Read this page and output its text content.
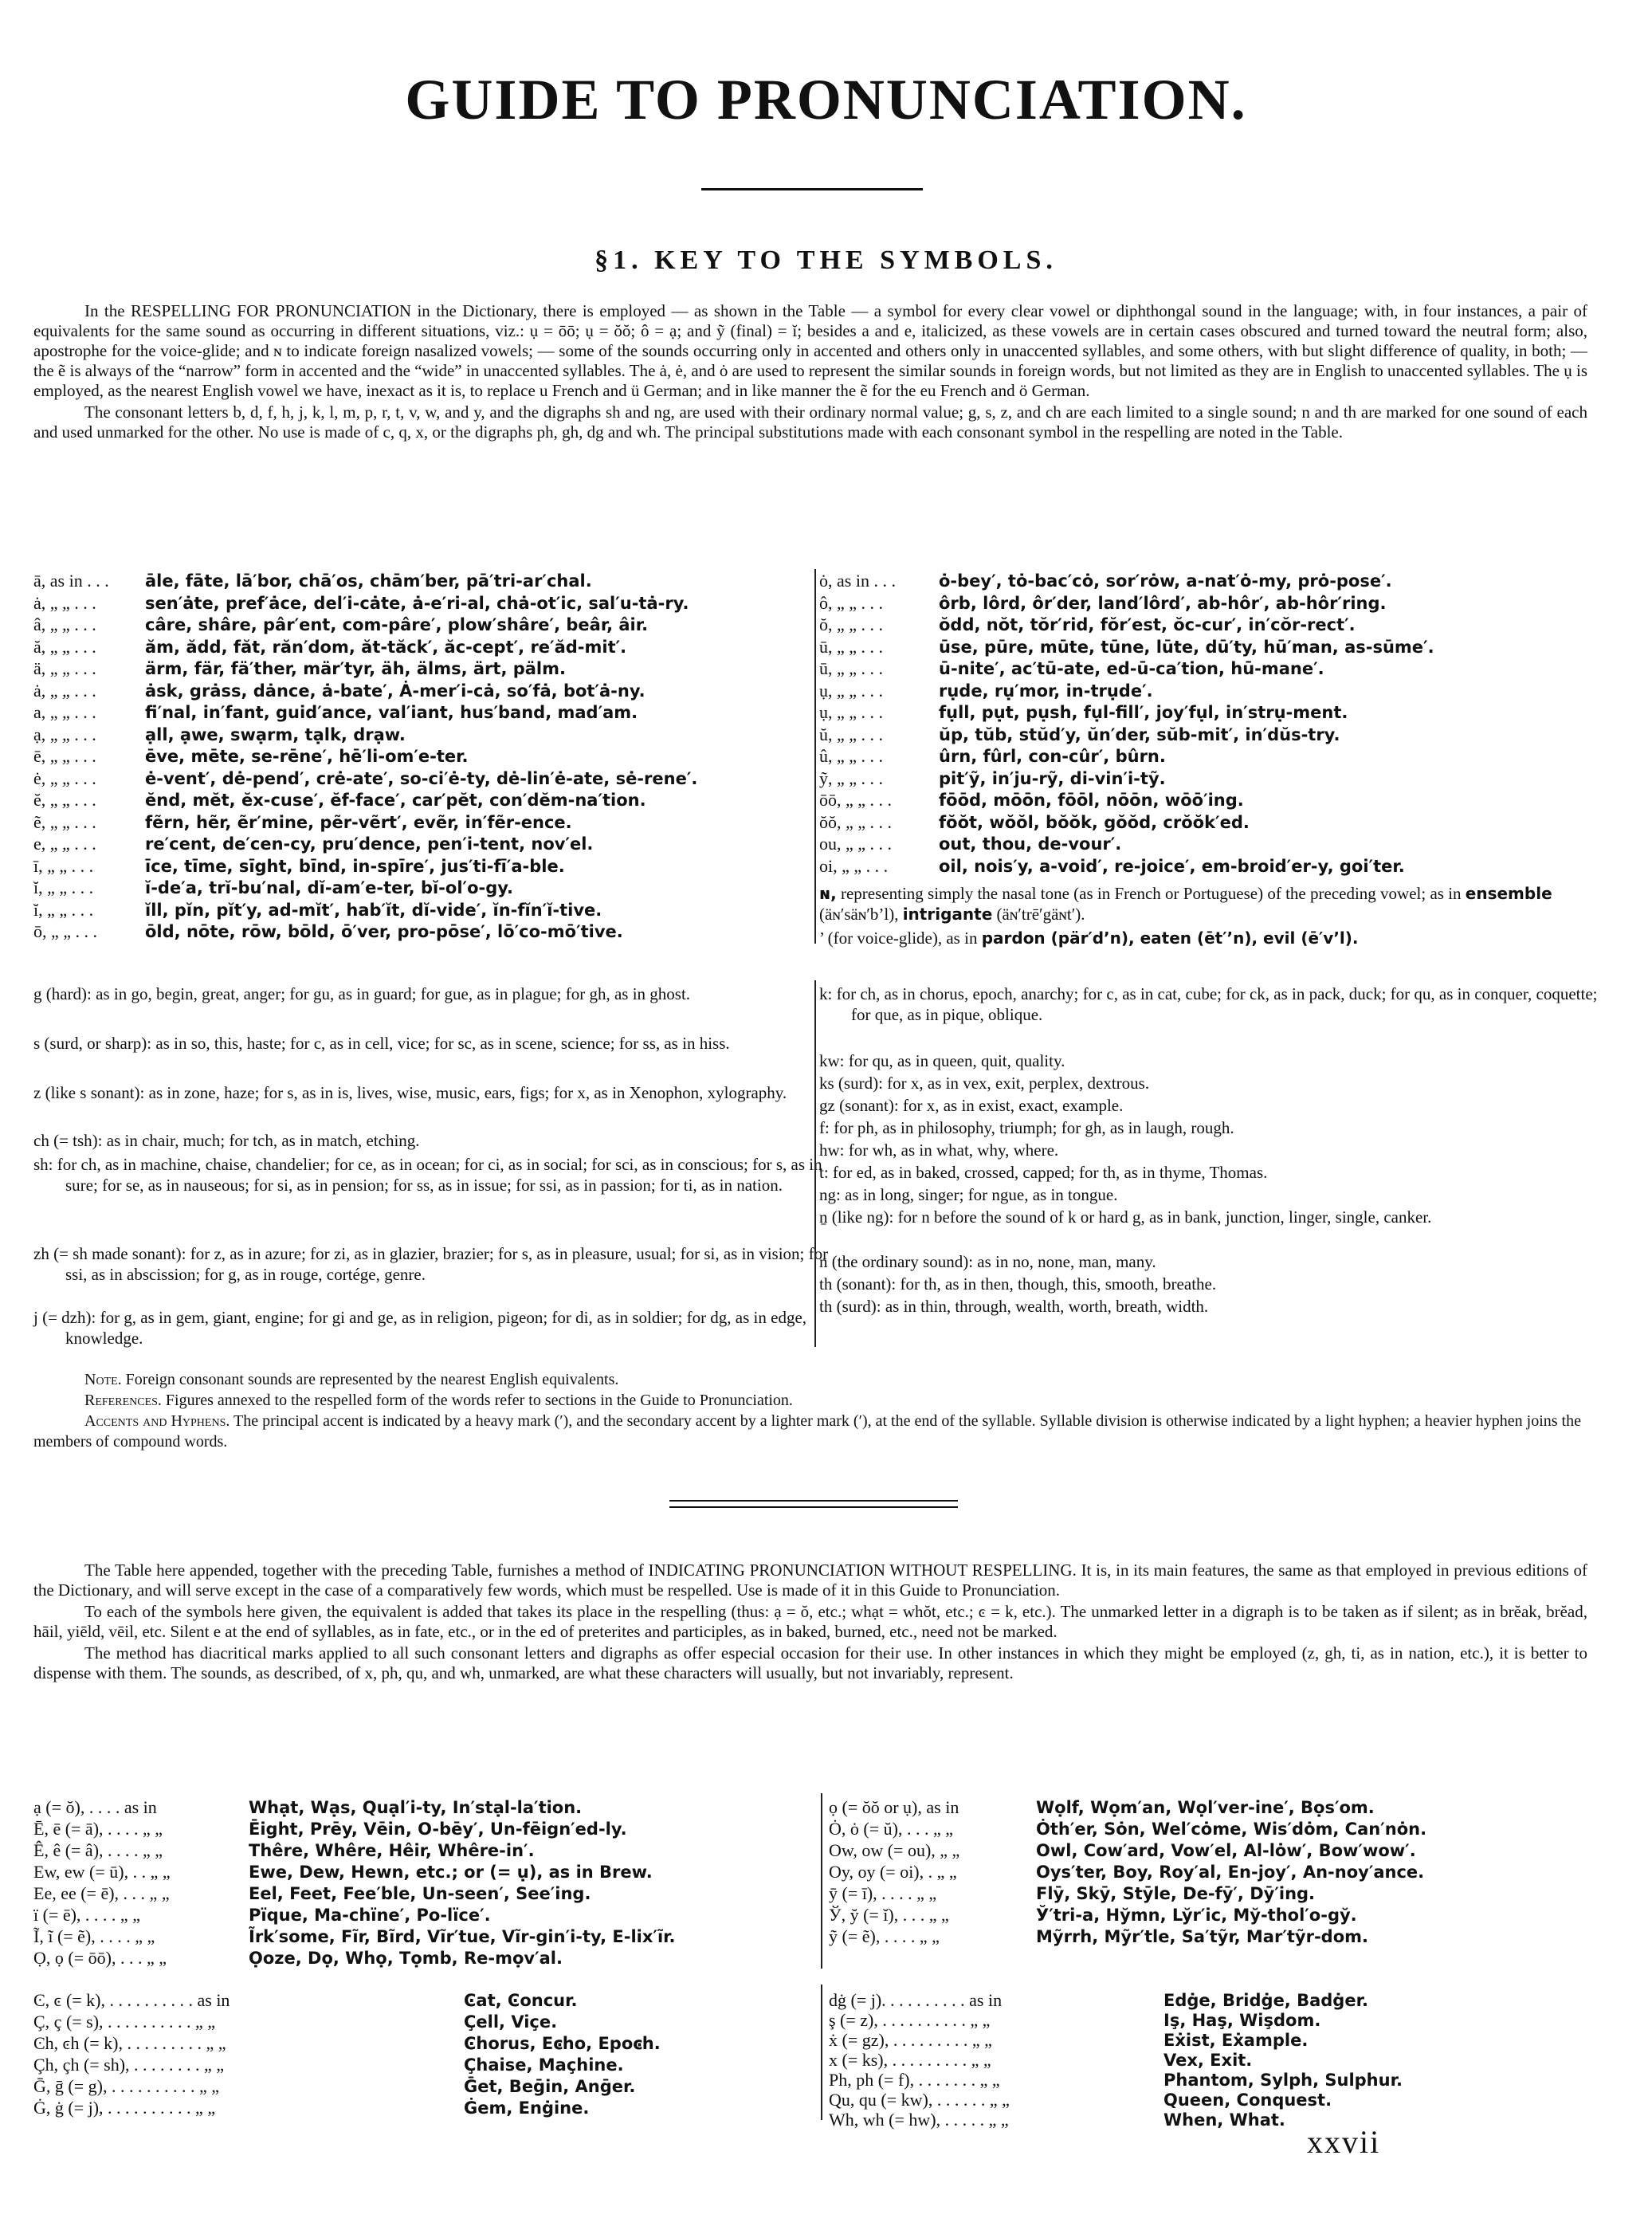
GUIDE TO PRONUNCIATION.
§1. KEY TO THE SYMBOLS.

In the RESPELLING FOR PRONUNCIATION in the Dictionary, there is employed — as shown in the Table — a symbol for every clear vowel or diphthongal sound in the language; with, in four instances, a pair of equivalents for the same sound as occurring in different situations, viz.: ụ = ōō; ụ = ŏŏ; ô = ạ; and ỹ (final) = ĭ; besides a and e, italicized, as these vowels are in certain cases obscured and turned toward the neutral form; also, apostrophe for the voice-glide; and ɴ to indicate foreign nasalized vowels; — some of the sounds occurring only in accented and others only in unaccented syllables, and some others, with but slight difference of quality, in both; — the ẽ is always of the “narrow” form in accented and the “wide” in unaccented syllables. The ȧ, ė, and ȯ are used to represent the similar sounds in foreign words, but not limited as they are in English to unaccented syllables. The ụ is employed, as the nearest English vowel we have, inexact as it is, to replace u French and ü German; and in like manner the ẽ for the eu French and ö German.

The consonant letters b, d, f, h, j, k, l, m, p, r, t, v, w, and y, and the digraphs sh and ng, are used with their ordinary normal value; g, s, z, and ch are each limited to a single sound; n and th are marked for one sound of each and used unmarked for the other. No use is made of c, q, x, or the digraphs ph, gh, dg and wh. The principal substitutions made with each consonant symbol in the respelling are noted in the Table.

ā, as in . . . āle, fāte, lā′bor, chā′os, chām′ber, pā′tri-ar′chal.
ȧ, „ „ . . .	sen′ȧte, pref′ȧce, del′i-cȧte, ȧ-e′ri-al, chȧ-ot′ic, sal′u-tȧ-ry.
â, „ „ . . .	câre, shâre, pâr′ent, com-pâre′, plow′shâre′, beâr, âir.
ă, „ „ . . .	ăm, ădd, făt, răn′dom, ăt-tăck′, ăc-cept′, re′ăd-mit′.
ä, „ „ . . .	ärm, fär, fä′ther, mär′tyr, äh, älms, ärt, pälm.
ȧ, „ „ . . .	ȧsk, grȧss, dȧnce, ȧ-bate′, Ȧ-mer′i-cȧ, so′fȧ, bot′ȧ-ny.
a, „ „ . . .	fi′nal, in′fant, guid′ance, val′iant, hus′band, mad′am.
ạ, „ „ . . .	ạll, ạwe, swạrm, tạlk, drạw.
ē, „ „ . . .	ēve, mēte, se-rēne′, hē′li-om′e-ter.
ė, „ „ . . .	ė-vent′, dė-pend′, crė-ate′, so-ci′ė-ty, dė-lin′ė-ate, sė-rene′.
ĕ, „ „ . . .	ĕnd, mĕt, ĕx-cuse′, ĕf-face′, car′pĕt, con′dĕm-na′tion.
ẽ, „ „ . . .	fẽrn, hẽr, ẽr′mine, pẽr-vẽrt′, evẽr, in′fẽr-ence.
e, „ „ . . .	re′cent, de′cen-cy, pru′dence, pen′i-tent, nov′el.
ī, „ „ . . .	īce, tīme, sīght, bīnd, in-spīre′, jus′ti-fī′a-ble.
ĭ, „ „ . . .	ĭ-de′a, trĭ-bu′nal, dĭ-am′e-ter, bĭ-ol′o-gy.
ĭ, „ „ . . .	ĭll, pĭn, pĭt′y, ad-mĭt′, hab′ĭt, dĭ-vide′, ĭn-fĭn′ĭ-tive.
ō, „ „ . . .	ōld, nōte, rōw, bōld, ō′ver, pro-pōse′, lō′co-mō′tive.
ȯ, as in . . .	ȯ-bey′, tȯ-bac′cȯ, sor′rȯw, a-nat′ȯ-my, prȯ-pose′.
ô, „ „ . . .	ôrb, lôrd, ôr′der, land′lôrd′, ab-hôr′, ab-hôr′ring.
ŏ, „ „ . . .	ŏdd, nŏt, tŏr′rid, fŏr′est, ŏc-cur′, in′cŏr-rect′.
ū, „ „ . . .	ūse, pūre, mūte, tūne, lūte, dū′ty, hū′man, as-sūme′.
ū, „ „ . . .	ū-nite′, ac′tū-ate, ed-ū-ca′tion, hū-mane′.
ụ, „ „ . . .	rụde, rụ′mor, in-trụde′.
ụ, „ „ . . .	fụll, pụt, pụsh, fụl-fill′, joy′fụl, in′strụ-ment.
ŭ, „ „ . . .	ŭp, tŭb, stŭd′y, ŭn′der, sŭb-mit′, in′dŭs-try.
û, „ „ . . .	ûrn, fûrl, con-cûr′, bûrn.
ỹ, „ „ . . .	pit′ỹ, in′ju-rỹ, di-vin′i-tỹ.
ōō, „ „ . . .	fōōd, mōōn, fōōl, nōōn, wōō′ing.
ŏŏ, „ „ . . .	fŏŏt, wŏŏl, bŏŏk, gŏŏd, crŏŏk′ed.
ou, „ „ . . .	out, thou, de-vour′.
oi, „ „ . . .	oil, nois′y, a-void′, re-joice′, em-broid′er-y, goi′ter.
ɴ, representing simply the nasal tone (as in French or Portuguese) of the preceding vowel; as in ensemble (äɴ′säɴ′b’l), intrigante (äɴ′trē′gäɴt′).
’ (for voice-glide), as in pardon (pär′d’n), eaten (ēt′’n), evil (ē′v’l).
g (hard): as in go, begin, great, anger; for gu, as in guard; for gue, as in plague; for gh, as in ghost.
s (surd, or sharp): as in so, this, haste; for c, as in cell, vice; for sc, as in scene, science; for ss, as in hiss.
z (like s sonant): as in zone, haze; for s, as in is, lives, wise, music, ears, figs; for x, as in Xenophon, xylography.
ch (= tsh): as in chair, much; for tch, as in match, etching.
sh: for ch, as in machine, chaise, chandelier; for ce, as in ocean; for ci, as in social; for sci, as in conscious; for s, as in sure; for se, as in nauseous; for si, as in pension; for ss, as in issue; for ssi, as in passion; for ti, as in nation.
zh (= sh made sonant): for z, as in azure; for zi, as in glazier, brazier; for s, as in pleasure, usual; for si, as in vision; for ssi, as in abscission; for g, as in rouge, cortége, genre.
j (= dzh): for g, as in gem, giant, engine; for gi and ge, as in religion, pigeon; for di, as in soldier; for dg, as in edge, knowledge.
k: for ch, as in chorus, epoch, anarchy; for c, as in cat, cube; for ck, as in pack, duck; for qu, as in conquer, coquette; for que, as in pique, oblique.
kw: for qu, as in queen, quit, quality.
ks (surd): for x, as in vex, exit, perplex, dextrous.
gz (sonant): for x, as in exist, exact, example.
f: for ph, as in philosophy, triumph; for gh, as in laugh, rough.
hw: for wh, as in what, why, where.
t: for ed, as in baked, crossed, capped; for th, as in thyme, Thomas.
ng: as in long, singer; for ngue, as in tongue.
ṉ (like ng): for n before the sound of k or hard g, as in bank, junction, linger, single, canker.
n (the ordinary sound): as in no, none, man, many.
th (sonant): for th, as in then, though, this, smooth, breathe.
th (surd): as in thin, through, wealth, worth, breath, width.

Note. Foreign consonant sounds are represented by the nearest English equivalents.

References. Figures annexed to the respelled form of the words refer to sections in the Guide to Pronunciation.

Accents and Hyphens. The principal accent is indicated by a heavy mark (′), and the secondary accent by a lighter mark (′), at the end of the syllable. Syllable division is otherwise indicated by a light hyphen; a heavier hyphen joins the members of compound words.

The Table here appended, together with the preceding Table, furnishes a method of INDICATING PRONUNCIATION WITHOUT RESPELLING. It is, in its main features, the same as that employed in previous editions of the Dictionary, and will serve except in the case of a comparatively few words, which must be respelled. Use is made of it in this Guide to Pronunciation.

To each of the symbols here given, the equivalent is added that takes its place in the respelling (thus: ạ = ŏ, etc.; whạt = whŏt, etc.; ͼ = k, etc.). The unmarked letter in a digraph is to be taken as if silent; as in brĕak, brĕad, hāil, yiēld, vēil, etc. Silent e at the end of syllables, as in fate, etc., or in the ed of preterites and participles, as in baked, burned, etc., need not be marked.

The method has diacritical marks applied to all such consonant letters and digraphs as offer especial occasion for their use. In other instances in which they might be employed (z, gh, ti, as in nation, etc.), it is better to dispense with them. The sounds, as described, of x, ph, qu, and wh, unmarked, are what these characters will usually, but not invariably, represent.

ạ (= ŏ), . . . . as in	Whạt, Wạs, Quạl′i-ty, In′stạl-la′tion.
Ē, ē (= ā), . . . . „ „	Ēight, Prēy, Vēin, O-bēy′, Un-fēign′ed-ly.
Ê, ê (= â), . . . . „ „	Thêre, Whêre, Hêir, Whêre-in′.
Ew, ew (= ū), . . „ „	Ewe, Dew, Hewn, etc.; or (= ụ), as in Brew.
Ee, ee (= ē), . . . „ „	Eel, Feet, Fee′ble, Un-seen′, See′ing.
ï (= ē), . . . . „ „	Pïque, Ma-chïne′, Po-lïce′.
Ĩ, ĩ (= ẽ), . . . . „ „	Ĩrk′some, Fĩr, Bĩrd, Vĩr′tue, Vĩr-gin′i-ty, E-lix′ĩr.
Ọ, ọ (= ōō), . . . „ „	Ọoze, Dọ, Whọ, Tọmb, Re-mọv′al.
ọ (= ŏŏ or ụ), as in	Wọlf, Wọm′an, Wọl′ver-ine′, Bọs′om.
Ȯ, ȯ (= ŭ), . . . „ „	Ȯth′er, Sȯn, Wel′cȯme, Wis′dȯm, Can′nȯn.
Ow, ow (= ou), „ „	Owl, Cow′ard, Vow′el, Al-lȯw′, Bow′wow′.
Oy, oy (= oi), . „ „	Oys′ter, Boy, Roy′al, En-joy′, An-noy′ance.
ȳ (= ī), . . . . „ „	Flȳ, Skȳ, Stȳle, De-fȳ′, Dȳ′ing.
Ў, y̆ (= ĭ), . . . „ „	Ў′tri-a, Hy̆mn, Ly̆r′ic, My̆-thol′o-gy̆.
ỹ (= ẽ), . . . . „ „	Mỹrrh, Mỹr′tle, Sa′tỹr, Mar′tỹr-dom.
Ͼ, ͼ (= k), . . . . . . . . . . as in	Ͼat, Ͼoncur.
Ç, ç (= s), . . . . . . . . . . „ „	Çell, Viçe.
Ͼh, ͼh (= k), . . . . . . . . . „ „	Ͼhorus, Eͼho, Epoͼh.
Çh, çh (= sh), . . . . . . . . „ „	Çhaise, Maçhine.
Ḡ, ḡ (= g), . . . . . . . . . . „ „	Ḡet, Beḡin, Anḡer.
Ġ, ġ (= j), . . . . . . . . . . „ „	Ġem, Enġine.
dġ (= j). . . . . . . . . . as in	Edġe, Bridġe, Badġer.
ş (= z), . . . . . . . . . . „ „	Iş, Haş, Wişdom.
ẋ (= gz), . . . . . . . . . „ „	Eẋist, Eẋample.
x (= ks), . . . . . . . . . „ „	Vex, Exit.
Ph, ph (= f), . . . . . . . „ „	Phantom, Sylph, Sulphur.
Qu, qu (= kw), . . . . . . „ „	Queen, Conquest.
Wh, wh (= hw), . . . . . „ „	When, What.
xxvii
